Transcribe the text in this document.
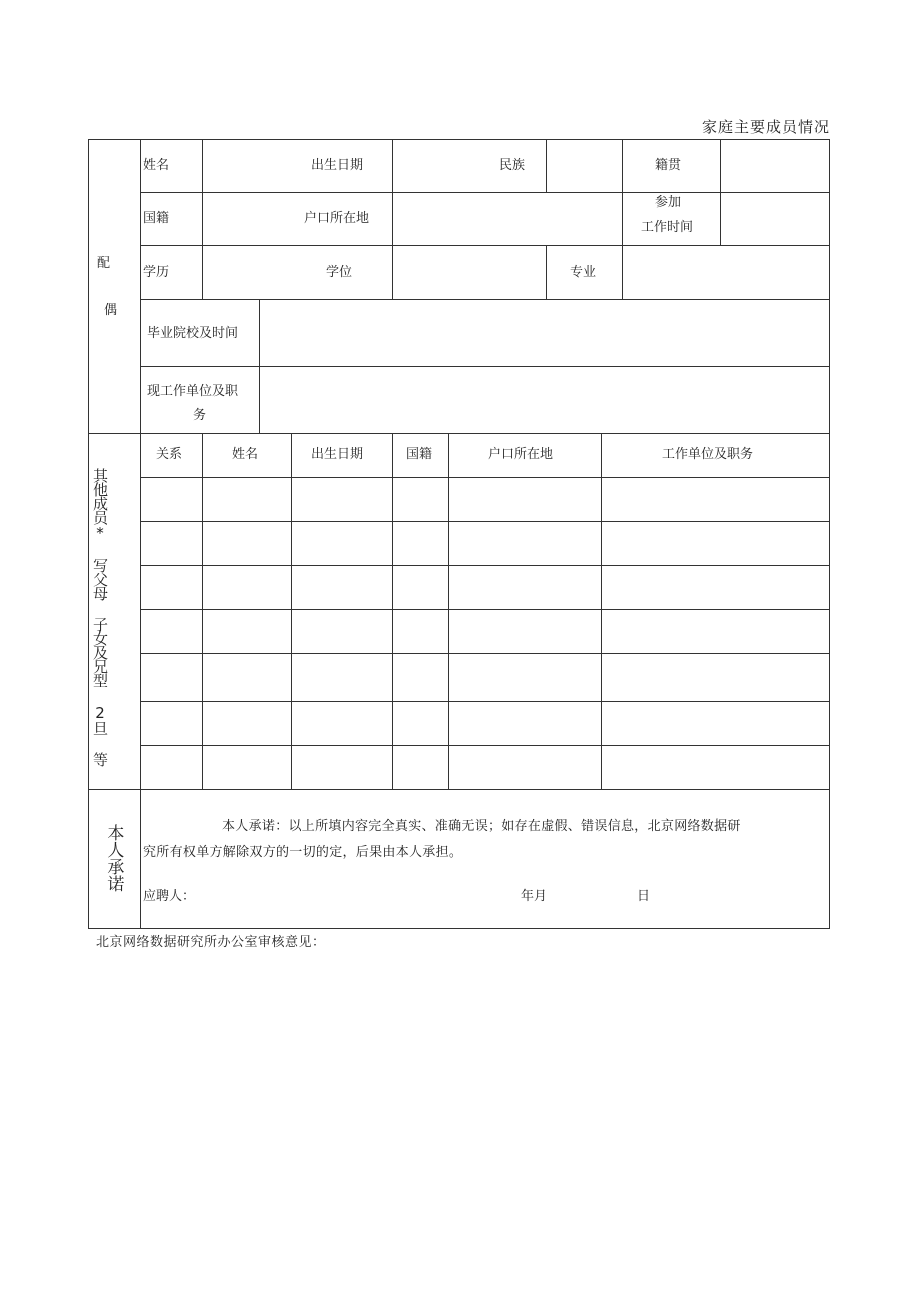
家庭主要成员情况
配
偶
姓名	出生日期	民族	籍贯
国籍	户口所在地
参加
工作时间
学历	学位	专业
毕业院校及时间
现工作单位及职
务
其他成员* 写父母 子女及兄型 2旦 等
关系	姓名	出生日期	国籍	户口所在地	工作单位及职务
本人承诺	本人承诺：以上所填内容完全真实、准确无误；如存在虚假、错误信息，北京网络数据研
究所有权单方解除双方的一切的定，后果由本人承担。
应聘人：	年月	日
北京网络数据研究所办公室审核意见：
